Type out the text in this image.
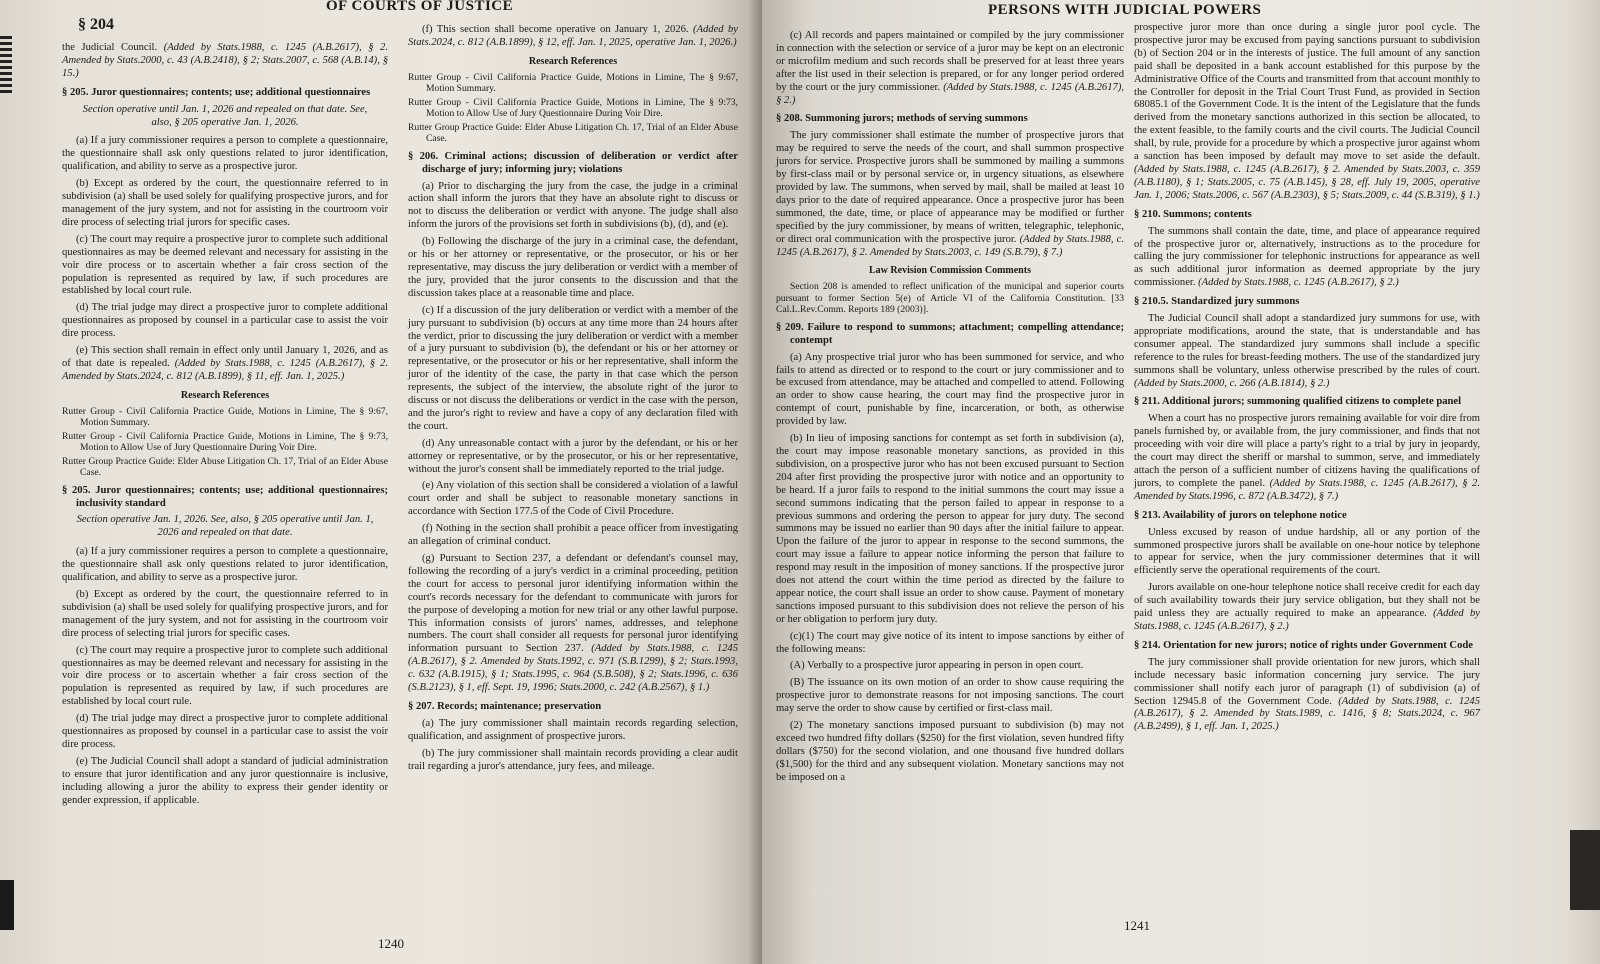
§ 204
OF COURTS OF JUSTICE

the Judicial Council. (Added by Stats.1988, c. 1245 (A.B.2617), § 2. Amended by Stats.2000, c. 43 (A.B.2418), § 2; Stats.2007, c. 568 (A.B.14), § 15.)

§ 205. Juror questionnaires; contents; use; additional questionnaires

Section operative until Jan. 1, 2026 and repealed on that date. See, also, § 205 operative Jan. 1, 2026.

(a) If a jury commissioner requires a person to complete a questionnaire, the questionnaire shall ask only questions related to juror identification, qualification, and ability to serve as a prospective juror.

(b) Except as ordered by the court, the questionnaire referred to in subdivision (a) shall be used solely for qualifying prospective jurors, and for management of the jury system, and not for assisting in the courtroom voir dire process of selecting trial jurors for specific cases.

(c) The court may require a prospective juror to complete such additional questionnaires as may be deemed relevant and necessary for assisting in the voir dire process or to ascertain whether a fair cross section of the population is represented as required by law, if such procedures are established by local court rule.

(d) The trial judge may direct a prospective juror to complete additional questionnaires as proposed by counsel in a particular case to assist the voir dire process.

(e) This section shall remain in effect only until January 1, 2026, and as of that date is repealed. (Added by Stats.1988, c. 1245 (A.B.2617), § 2. Amended by Stats.2024, c. 812 (A.B.1899), § 11, eff. Jan. 1, 2025.)

Research References

Rutter Group - Civil California Practice Guide, Motions in Limine, The § 9:67, Motion Summary.

Rutter Group - Civil California Practice Guide, Motions in Limine, The § 9:73, Motion to Allow Use of Jury Questionnaire During Voir Dire.

Rutter Group Practice Guide: Elder Abuse Litigation Ch. 17, Trial of an Elder Abuse Case.

§ 205. Juror questionnaires; contents; use; additional questionnaires; inclusivity standard

Section operative Jan. 1, 2026. See, also, § 205 operative until Jan. 1, 2026 and repealed on that date.

(a) If a jury commissioner requires a person to complete a questionnaire, the questionnaire shall ask only questions related to juror identification, qualification, and ability to serve as a prospective juror.

(b) Except as ordered by the court, the questionnaire referred to in subdivision (a) shall be used solely for qualifying prospective jurors, and for management of the jury system, and not for assisting in the courtroom voir dire process of selecting trial jurors for specific cases.

(c) The court may require a prospective juror to complete such additional questionnaires as may be deemed relevant and necessary for assisting in the voir dire process or to ascertain whether a fair cross section of the population is represented as required by law, if such procedures are established by local court rule.

(d) The trial judge may direct a prospective juror to complete additional questionnaires as proposed by counsel in a particular case to assist the voir dire process.

(e) The Judicial Council shall adopt a standard of judicial administration to ensure that juror identification and any juror questionnaire is inclusive, including allowing a juror the ability to express their gender identity or gender expression, if applicable.

(f) This section shall become operative on January 1, 2026. (Added by Stats.2024, c. 812 (A.B.1899), § 12, eff. Jan. 1, 2025, operative Jan. 1, 2026.)

Research References

Rutter Group - Civil California Practice Guide, Motions in Limine, The § 9:67, Motion Summary.

Rutter Group - Civil California Practice Guide, Motions in Limine, The § 9:73, Motion to Allow Use of Jury Questionnaire During Voir Dire.

Rutter Group Practice Guide: Elder Abuse Litigation Ch. 17, Trial of an Elder Abuse Case.

§ 206. Criminal actions; discussion of deliberation or verdict after discharge of jury; informing jury; violations

(a) Prior to discharging the jury from the case, the judge in a criminal action shall inform the jurors that they have an absolute right to discuss or not to discuss the deliberation or verdict with anyone. The judge shall also inform the jurors of the provisions set forth in subdivisions (b), (d), and (e).

(b) Following the discharge of the jury in a criminal case, the defendant, or his or her attorney or representative, or the prosecutor, or his or her representative, may discuss the jury deliberation or verdict with a member of the jury, provided that the juror consents to the discussion and that the discussion takes place at a reasonable time and place.

(c) If a discussion of the jury deliberation or verdict with a member of the jury pursuant to subdivision (b) occurs at any time more than 24 hours after the verdict, prior to discussing the jury deliberation or verdict with a member of a jury pursuant to subdivision (b), the defendant or his or her attorney or representative, or the prosecutor or his or her representative, shall inform the juror of the identity of the case, the party in that case which the person represents, the subject of the interview, the absolute right of the juror to discuss or not discuss the deliberations or verdict in the case with the person, and the juror's right to review and have a copy of any declaration filed with the court.

(d) Any unreasonable contact with a juror by the defendant, or his or her attorney or representative, or by the prosecutor, or his or her representative, without the juror's consent shall be immediately reported to the trial judge.

(e) Any violation of this section shall be considered a violation of a lawful court order and shall be subject to reasonable monetary sanctions in accordance with Section 177.5 of the Code of Civil Procedure.

(f) Nothing in the section shall prohibit a peace officer from investigating an allegation of criminal conduct.

(g) Pursuant to Section 237, a defendant or defendant's counsel may, following the recording of a jury's verdict in a criminal proceeding, petition the court for access to personal juror identifying information within the court's records necessary for the defendant to communicate with jurors for the purpose of developing a motion for new trial or any other lawful purpose. This information consists of jurors' names, addresses, and telephone numbers. The court shall consider all requests for personal juror identifying information pursuant to Section 237. (Added by Stats.1988, c. 1245 (A.B.2617), § 2. Amended by Stats.1992, c. 971 (S.B.1299), § 2; Stats.1993, c. 632 (A.B.1915), § 1; Stats.1995, c. 964 (S.B.508), § 2; Stats.1996, c. 636 (S.B.2123), § 1, eff. Sept. 19, 1996; Stats.2000, c. 242 (A.B.2567), § 1.)

§ 207. Records; maintenance; preservation

(a) The jury commissioner shall maintain records regarding selection, qualification, and assignment of prospective jurors.

(b) The jury commissioner shall maintain records providing a clear audit trail regarding a juror's attendance, jury fees, and mileage.

1240
PERSONS WITH JUDICIAL POWERS

(c) All records and papers maintained or compiled by the jury commissioner in connection with the selection or service of a juror may be kept on an electronic or microfilm medium and such records shall be preserved for at least three years after the list used in their selection is prepared, or for any longer period ordered by the court or the jury commissioner. (Added by Stats.1988, c. 1245 (A.B.2617), § 2.)

§ 208. Summoning jurors; methods of serving summons

The jury commissioner shall estimate the number of prospective jurors that may be required to serve the needs of the court, and shall summon prospective jurors for service. Prospective jurors shall be summoned by mailing a summons by first-class mail or by personal service or, in urgency situations, as elsewhere provided by law. The summons, when served by mail, shall be mailed at least 10 days prior to the date of required appearance. Once a prospective juror has been summoned, the date, time, or place of appearance may be modified or further specified by the jury commissioner, by means of written, telegraphic, telephonic, or direct oral communication with the prospective juror. (Added by Stats.1988, c. 1245 (A.B.2617), § 2. Amended by Stats.2003, c. 149 (S.B.79), § 7.)

Law Revision Commission Comments

Section 208 is amended to reflect unification of the municipal and superior courts pursuant to former Section 5(e) of Article VI of the California Constitution. [33 Cal.L.Rev.Comm. Reports 189 (2003)].

§ 209. Failure to respond to summons; attachment; compelling attendance; contempt

(a) Any prospective trial juror who has been summoned for service, and who fails to attend as directed or to respond to the court or jury commissioner and to be excused from attendance, may be attached and compelled to attend. Following an order to show cause hearing, the court may find the prospective juror in contempt of court, punishable by fine, incarceration, or both, as otherwise provided by law.

(b) In lieu of imposing sanctions for contempt as set forth in subdivision (a), the court may impose reasonable monetary sanctions, as provided in this subdivision, on a prospective juror who has not been excused pursuant to Section 204 after first providing the prospective juror with notice and an opportunity to be heard. If a juror fails to respond to the initial summons the court may issue a second summons indicating that the person failed to appear in response to a previous summons and ordering the person to appear for jury duty. The second summons may be issued no earlier than 90 days after the initial failure to appear. Upon the failure of the juror to appear in response to the second summons, the court may issue a failure to appear notice informing the person that failure to respond may result in the imposition of money sanctions. If the prospective juror does not attend the court within the time period as directed by the failure to appear notice, the court shall issue an order to show cause. Payment of monetary sanctions imposed pursuant to this subdivision does not relieve the person of his or her obligation to perform jury duty.

(c)(1) The court may give notice of its intent to impose sanctions by either of the following means:

(A) Verbally to a prospective juror appearing in person in open court.

(B) The issuance on its own motion of an order to show cause requiring the prospective juror to demonstrate reasons for not imposing sanctions. The court may serve the order to show cause by certified or first-class mail.

(2) The monetary sanctions imposed pursuant to subdivision (b) may not exceed two hundred fifty dollars ($250) for the first violation, seven hundred fifty dollars ($750) for the second violation, and one thousand five hundred dollars ($1,500) for the third and any subsequent violation. Monetary sanctions may not be imposed on a

prospective juror more than once during a single juror pool cycle. The prospective juror may be excused from paying sanctions pursuant to subdivision (b) of Section 204 or in the interests of justice. The full amount of any sanction paid shall be deposited in a bank account established for this purpose by the Administrative Office of the Courts and transmitted from that account monthly to the Controller for deposit in the Trial Court Trust Fund, as provided in Section 68085.1 of the Government Code. It is the intent of the Legislature that the funds derived from the monetary sanctions authorized in this section be allocated, to the extent feasible, to the family courts and the civil courts. The Judicial Council shall, by rule, provide for a procedure by which a prospective juror against whom a sanction has been imposed by default may move to set aside the default. (Added by Stats.1988, c. 1245 (A.B.2617), § 2. Amended by Stats.2003, c. 359 (A.B.1180), § 1; Stats.2005, c. 75 (A.B.145), § 28, eff. July 19, 2005, operative Jan. 1, 2006; Stats.2006, c. 567 (A.B.2303), § 5; Stats.2009, c. 44 (S.B.319), § 1.)

§ 210. Summons; contents

The summons shall contain the date, time, and place of appearance required of the prospective juror or, alternatively, instructions as to the procedure for calling the jury commissioner for telephonic instructions for appearance as well as such additional juror information as deemed appropriate by the jury commissioner. (Added by Stats.1988, c. 1245 (A.B.2617), § 2.)

§ 210.5. Standardized jury summons

The Judicial Council shall adopt a standardized jury summons for use, with appropriate modifications, around the state, that is understandable and has consumer appeal. The standardized jury summons shall include a specific reference to the rules for breast-feeding mothers. The use of the standardized jury summons shall be voluntary, unless otherwise prescribed by the rules of court. (Added by Stats.2000, c. 266 (A.B.1814), § 2.)

§ 211. Additional jurors; summoning qualified citizens to complete panel

When a court has no prospective jurors remaining available for voir dire from panels furnished by, or available from, the jury commissioner, and finds that not proceeding with voir dire will place a party's right to a trial by jury in jeopardy, the court may direct the sheriff or marshal to summon, serve, and immediately attach the person of a sufficient number of citizens having the qualifications of jurors, to complete the panel. (Added by Stats.1988, c. 1245 (A.B.2617), § 2. Amended by Stats.1996, c. 872 (A.B.3472), § 7.)

§ 213. Availability of jurors on telephone notice

Unless excused by reason of undue hardship, all or any portion of the summoned prospective jurors shall be available on one-hour notice by telephone to appear for service, when the jury commissioner determines that it will efficiently serve the operational requirements of the court.

Jurors available on one-hour telephone notice shall receive credit for each day of such availability towards their jury service obligation, but they shall not be paid unless they are actually required to make an appearance. (Added by Stats.1988, c. 1245 (A.B.2617), § 2.)

§ 214. Orientation for new jurors; notice of rights under Government Code

The jury commissioner shall provide orientation for new jurors, which shall include necessary basic information concerning jury service. The jury commissioner shall notify each juror of paragraph (1) of subdivision (a) of Section 12945.8 of the Government Code. (Added by Stats.1988, c. 1245 (A.B.2617), § 2. Amended by Stats.1989, c. 1416, § 8; Stats.2024, c. 967 (A.B.2499), § 1, eff. Jan. 1, 2025.)

1241
